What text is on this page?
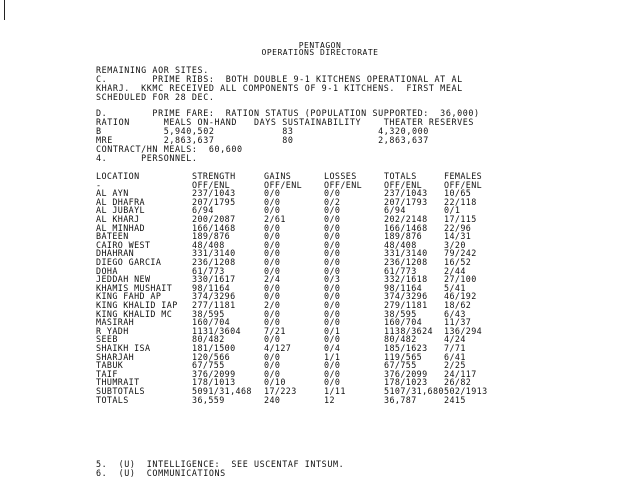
PENTAGON
OPERATIONS DIRECTORATE
REMAINING AOR SITES.
C.        PRIME RIBS:  BOTH DOUBLE 9-1 KITCHENS OPERATIONAL AT AL
KHARJ.  KKMC RECEIVED ALL COMPONENTS OF 9-1 KITCHENS.  FIRST MEAL
SCHEDULED FOR 28 DEC.
D.        PRIME FARE:  RATION STATUS (POPULATION SUPPORTED:  36,000)
RATION      MEALS ON-HAND   DAYS SUSTAINABILITY    THEATER RESERVES
B           5,940,502            83               4,320,000
MRE         2,863,637            80               2,863,637
CONTRACT/HN MEALS:  60,600
4.      PERSONNEL.
LOCATION	STRENGTH	GAINS	LOSSES	TOTALS	FEMALES
-	OFF/ENL	OFF/ENL	OFF/ENL	OFF/ENL	OFF/ENL
AL AYN	237/1043	0/0	0/0	237/1043 10/65
AL DHAFRA	207/1795	0/0	0/2	207/1793 22/118
AL JUBAYL	6/94	0/0	0/0	6/94	0/1
AL KHARJ	200/2087	2/61	0/0	202/2148 17/115
AL MINHAD	166/1468	0/0	0/0	166/1468 22/96
BATEEN	189/876	0/0	0/0	189/876	14/31
CAIRO WEST	48/408	0/0	0/0	48/408	3/20
DHAHRAN	331/3140	0/0	0/0	331/3140 79/242
DIEGO GARCIA	236/1208	0/0	0/0	236/1208 16/52
DOHA	61/773	0/0	0/0	61/773	2/44
JEDDAH NEW	330/1617	2/4	0/3	332/1618 27/100
KHAMIS MUSHAIT 98/1164	0/0	0/0	98/1164	5/41
KING FAHD AP	374/3296	0/0	0/0	374/3296 46/192
KING KHALID IAP 277/1181	2/0	0/0	279/1181 18/62
KING KHALID MC 38/595	0/0	0/0	38/595	6/43
MASIRAH	160/704	0/0	0/0	160/704	11/37
R YADH	1131/3604	7/21	0/1	1138/3624 136/294
SEEB	80/482	0/0	0/0	80/482	4/24
SHAIKH ISA	181/1500	4/127	0/4	185/1623 7/71
SHARJAH	120/566	0/0	1/1	119/565	6/41
TABUK	67/755	0/0	0/0	67/755	2/25
TAIF	376/2099	0/0	0/0	376/2099 24/117
THUMRAIT	178/1013	0/10	0/0	178/1023 26/82
SUBTOTALS	5091/31,468 17/223	1/11	5107/31,680 502/1913
TOTALS	36,559	240	12	36,787	2415
5.  (U)  INTELLIGENCE:  SEE USCENTAF INTSUM.
6.  (U)  COMMUNICATIONS
